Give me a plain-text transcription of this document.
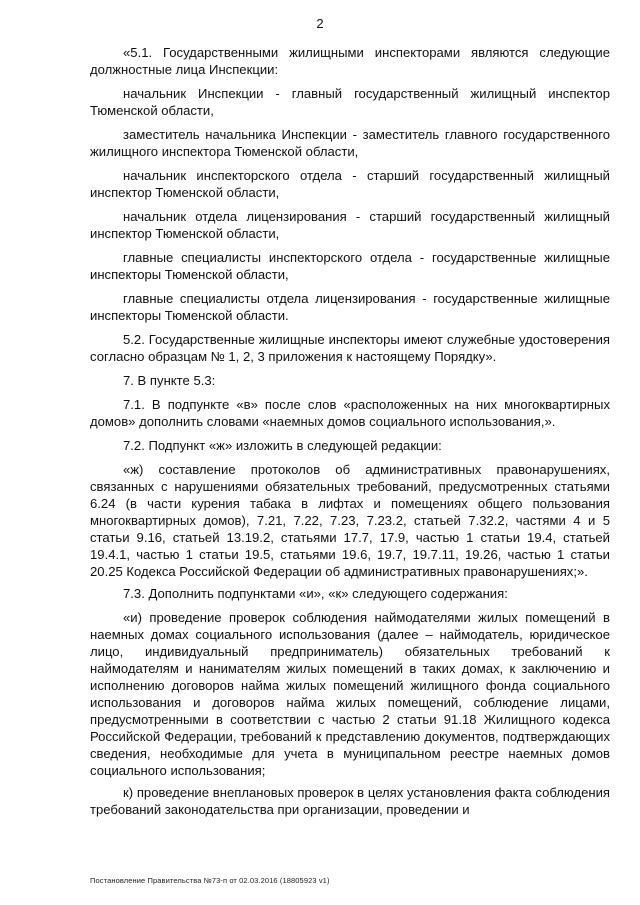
2

«5.1. Государственными жилищными инспекторами являются следующие должностные лица Инспекции:

начальник Инспекции - главный государственный жилищный инспектор Тюменской области,

заместитель начальника Инспекции - заместитель главного государственного жилищного инспектора Тюменской области,

начальник инспекторского отдела - старший государственный жилищный инспектор Тюменской области,

начальник отдела лицензирования - старший государственный жилищный инспектор Тюменской области,

главные специалисты инспекторского отдела - государственные жилищные инспекторы Тюменской области,

главные специалисты отдела лицензирования - государственные жилищные инспекторы Тюменской области.

5.2. Государственные жилищные инспекторы имеют служебные удостоверения согласно образцам № 1, 2, 3 приложения к настоящему Порядку».

7. В пункте 5.3:

7.1. В подпункте «в» после слов «расположенных на них многоквартирных домов» дополнить словами «наемных домов социального использования,».

7.2. Подпункт «ж» изложить в следующей редакции:

«ж) составление протоколов об административных правонарушениях, связанных с нарушениями обязательных требований, предусмотренных статьями 6.24 (в части курения табака в лифтах и помещениях общего пользования многоквартирных домов), 7.21, 7.22, 7.23, 7.23.2, статьей 7.32.2, частями 4 и 5 статьи 9.16, статьей 13.19.2, статьями 17.7, 17.9, частью 1 статьи 19.4, статьей 19.4.1, частью 1 статьи 19.5, статьями 19.6, 19.7, 19.7.11, 19.26, частью 1 статьи 20.25 Кодекса Российской Федерации об административных правонарушениях;».

7.3. Дополнить подпунктами «и», «к» следующего содержания:

«и) проведение проверок соблюдения наймодателями жилых помещений в наемных домах социального использования (далее – наймодатель, юридическое лицо, индивидуальный предприниматель) обязательных требований к наймодателям и нанимателям жилых помещений в таких домах, к заключению и исполнению договоров найма жилых помещений жилищного фонда социального использования и договоров найма жилых помещений, соблюдение лицами, предусмотренными в соответствии с частью 2 статьи 91.18 Жилищного кодекса Российской Федерации, требований к представлению документов, подтверждающих сведения, необходимые для учета в муниципальном реестре наемных домов социального использования;

к) проведение внеплановых проверок в целях установления факта соблюдения требований законодательства при организации, проведении и

Постановление Правительства №73-п от 02.03.2016 (18805923 v1)
